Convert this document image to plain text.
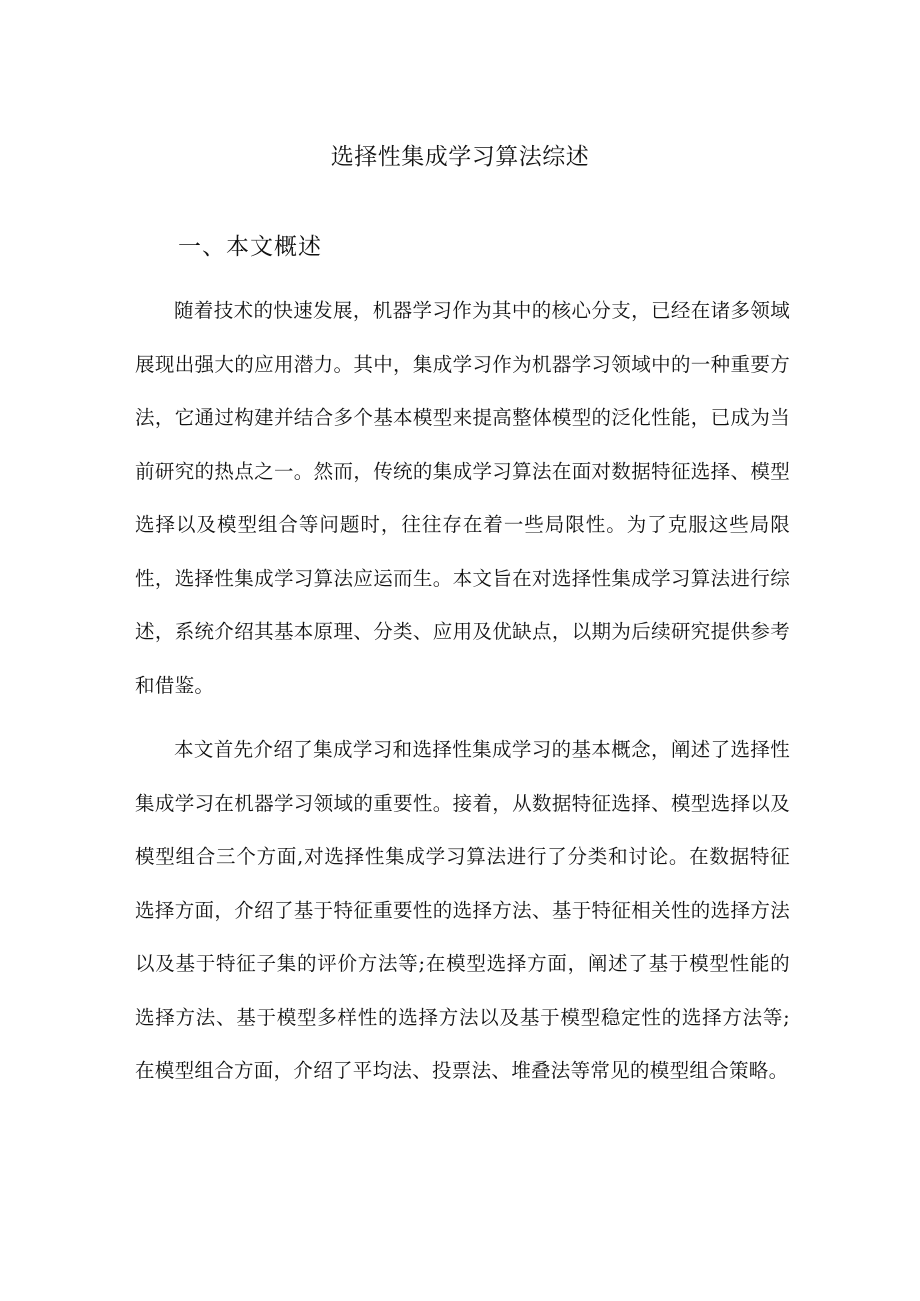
选择性集成学习算法综述
一、本文概述

随着技术的快速发展，机器学习作为其中的核心分支，已经在诸多领域展现出强大的应用潜力。其中，集成学习作为机器学习领域中的一种重要方法，它通过构建并结合多个基本模型来提高整体模型的泛化性能，已成为当前研究的热点之一。然而，传统的集成学习算法在面对数据特征选择、模型选择以及模型组合等问题时，往往存在着一些局限性。为了克服这些局限性，选择性集成学习算法应运而生。本文旨在对选择性集成学习算法进行综述，系统介绍其基本原理、分类、应用及优缺点，以期为后续研究提供参考和借鉴。

本文首先介绍了集成学习和选择性集成学习的基本概念，阐述了选择性集成学习在机器学习领域的重要性。接着，从数据特征选择、模型选择以及模型组合三个方面,对选择性集成学习算法进行了分类和讨论。在数据特征选择方面，介绍了基于特征重要性的选择方法、基于特征相关性的选择方法以及基于特征子集的评价方法等;在模型选择方面，阐述了基于模型性能的选择方法、基于模型多样性的选择方法以及基于模型稳定性的选择方法等;在模型组合方面，介绍了平均法、投票法、堆叠法等常见的模型组合策略。
